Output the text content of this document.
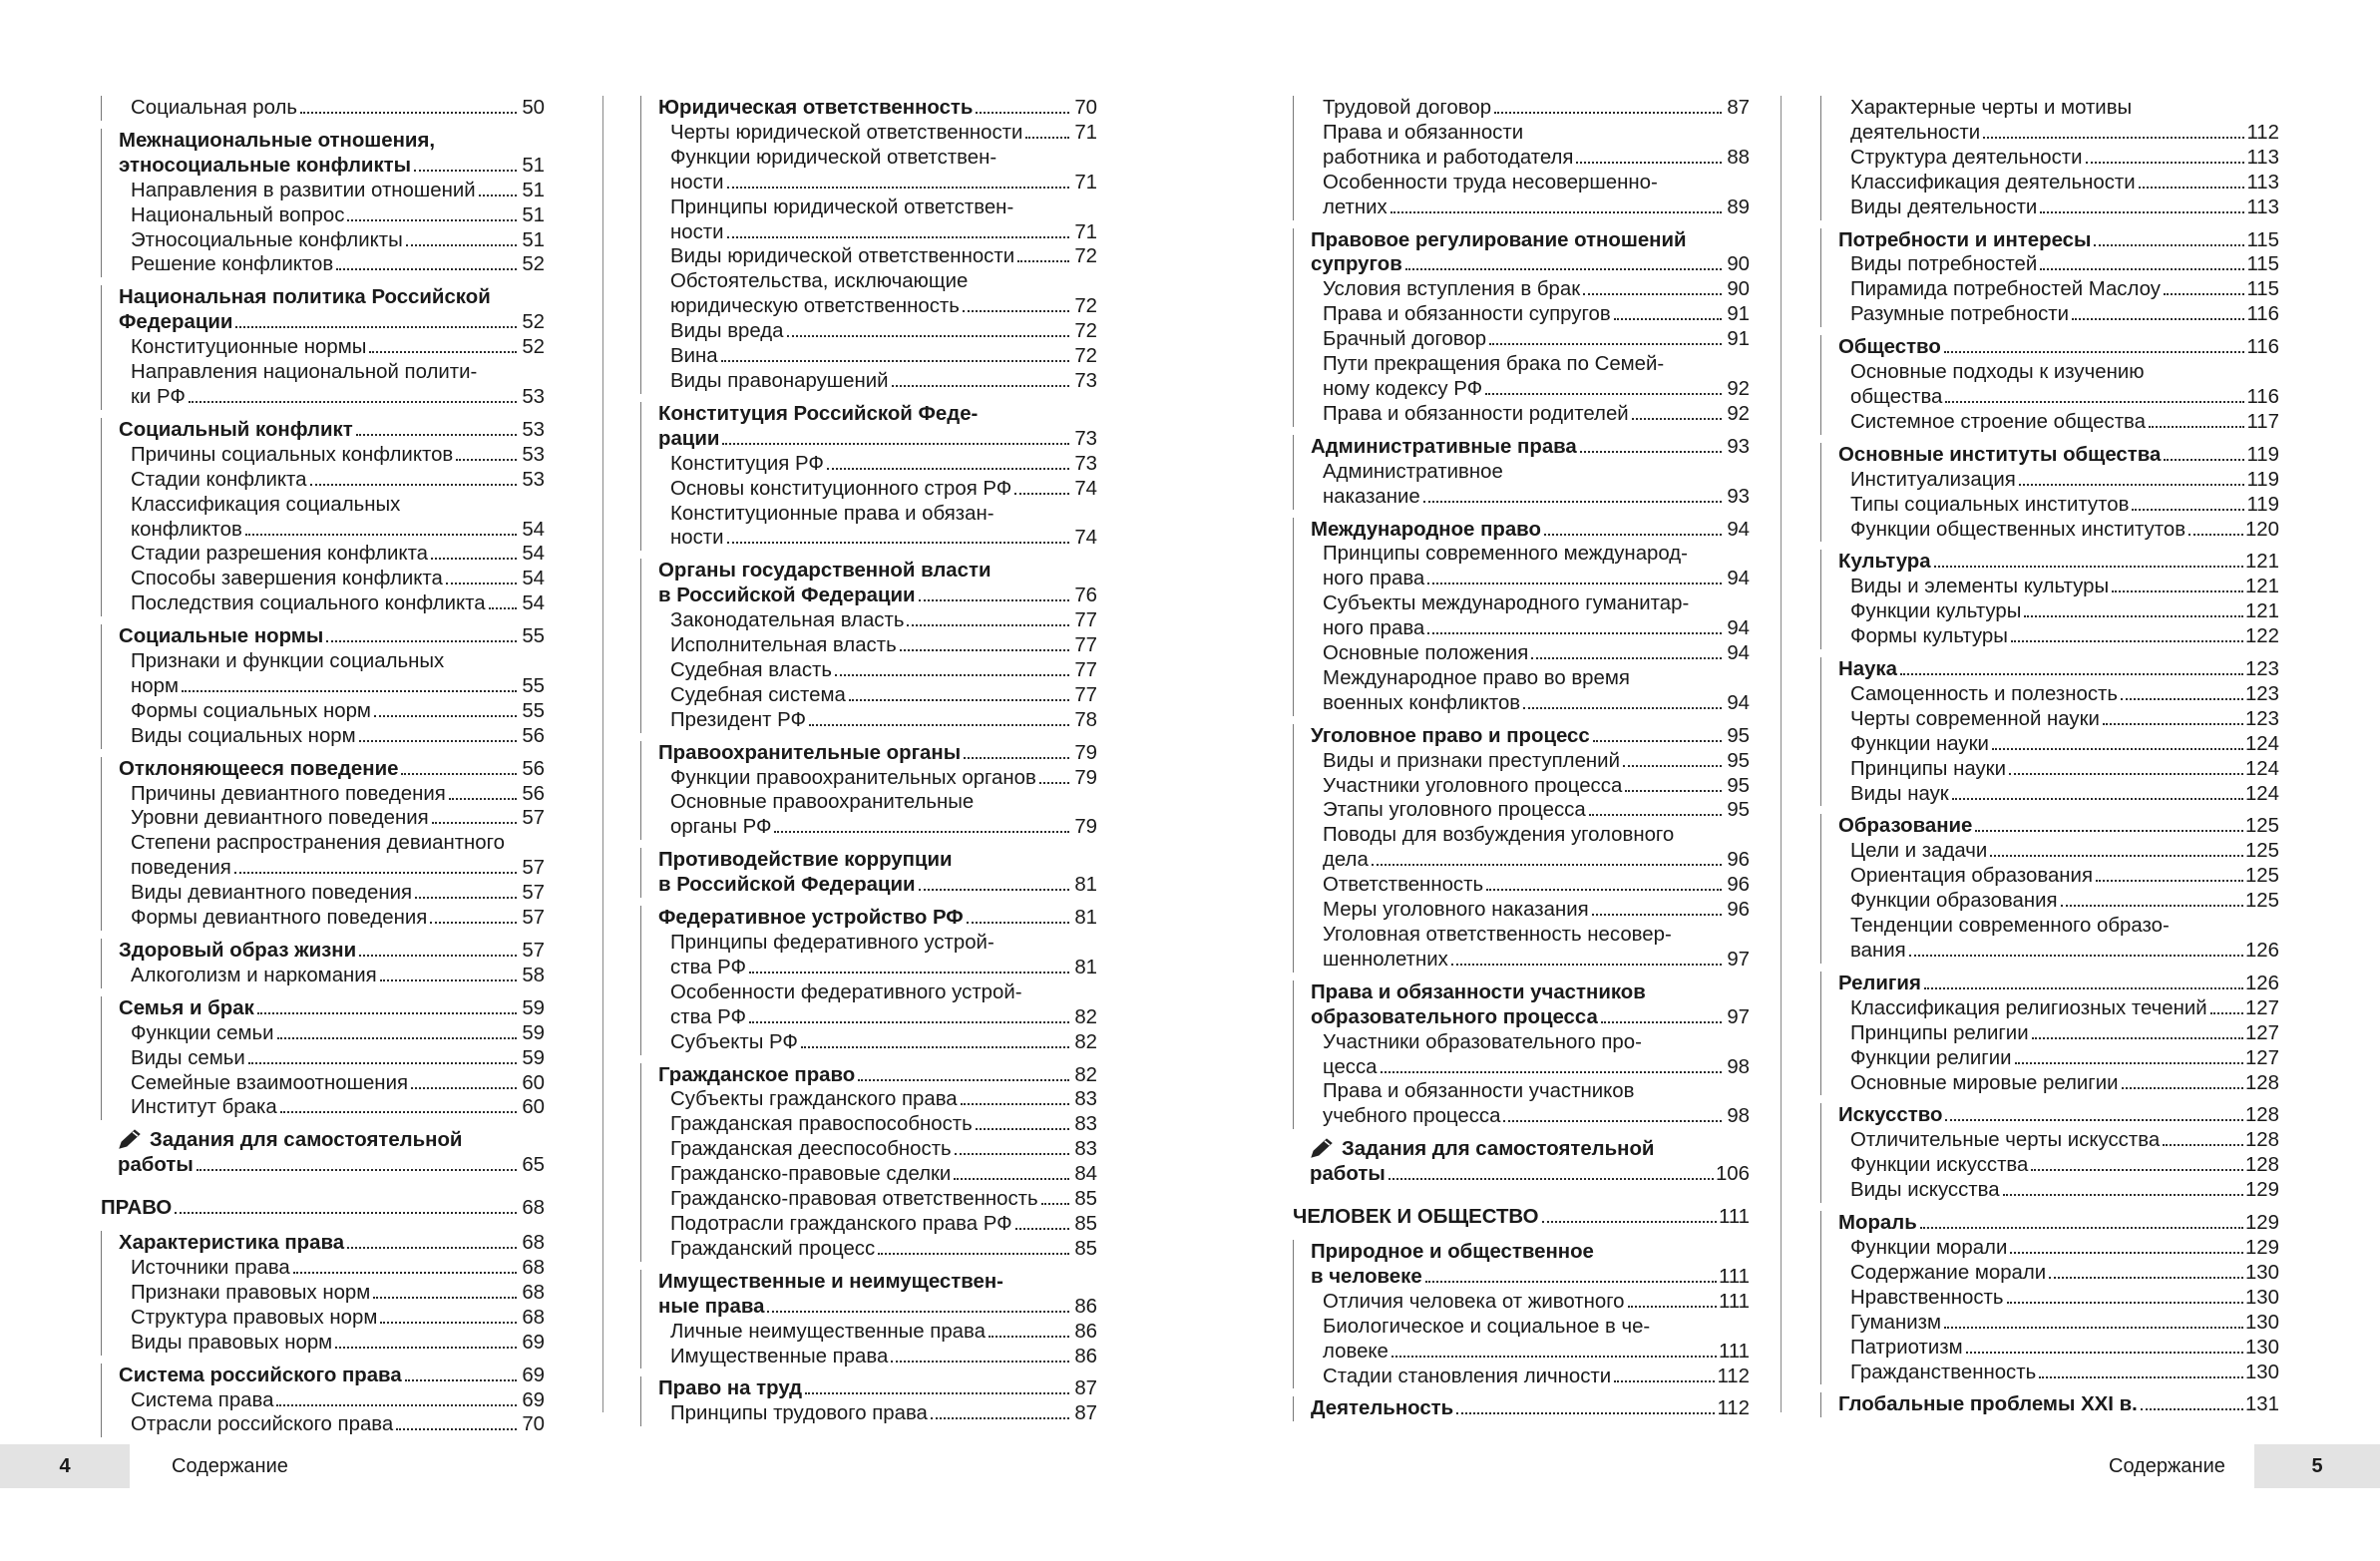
Социальная роль	50
Межнациональные отношения,
этносоциальные конфликты	51
Направления в развитии отношений 51
Национальный вопрос	51
Этносоциальные конфликты	51
Решение конфликтов	52
Национальная политика Российской
Федерации	52
Конституционные нормы	52
Направления национальной полити-
ки РФ	53
Социальный конфликт	53
Причины социальных конфликтов	53
Стадии конфликта	53
Классификация социальных
конфликтов	54
Стадии разрешения конфликта	54
Способы завершения конфликта	54
Последствия социального конфликта 54
Социальные нормы	55
Признаки и функции социальных
норм	55
Формы социальных норм	55
Виды социальных норм	56
Отклоняющееся поведение	56
Причины девиантного поведения	56
Уровни девиантного поведения	57
Степени распространения девиантного
поведения	57
Виды девиантного поведения	57
Формы девиантного поведения	57
Здоровый образ жизни	57
Алкоголизм и наркомания	58
Семья и брак	59
Функции семьи	59
Виды семьи	59
Семейные взаимоотношения	60
Институт брака	60
Задания для самостоятельной
работы	65
ПРАВО	68
Характеристика права	68
Источники права	68
Признаки правовых норм	68
Структура правовых норм	68
Виды правовых норм	69
Система российского права	69
Система права	69
Отрасли российского права	70
Юридическая ответственность	70
Черты юридической ответственности	71
Функции юридической ответствен-
ности	71
Принципы юридической ответствен-
ности	71
Виды юридической ответственности	72
Обстоятельства, исключающие
юридическую ответственность	72
Виды вреда	72
Вина	72
Виды правонарушений	73
Конституция Российской Феде-
рации	73
Конституция РФ	73
Основы конституционного строя РФ	74
Конституционные права и обязан-
ности	74
Органы государственной власти
в Российской Федерации	76
Законодательная власть	77
Исполнительная власть	77
Судебная власть	77
Судебная система	77
Президент РФ	78
Правоохранительные органы	79
Функции правоохранительных органов 79
Основные правоохранительные
органы РФ	79
Противодействие коррупции
в Российской Федерации	81
Федеративное устройство РФ	81
Принципы федеративного устрой-
ства РФ	81
Особенности федеративного устрой-
ства РФ	82
Субъекты РФ	82
Гражданское право	82
Субъекты гражданского права	83
Гражданская правоспособность	83
Гражданская дееспособность	83
Гражданско-правовые сделки	84
Гражданско-правовая ответственность 85
Подотрасли гражданского права РФ	85
Гражданский процесс	85
Имущественные и неимуществен-
ные права	86
Личные неимущественные права	86
Имущественные права	86
Право на труд	87
Принципы трудового права	87
Трудовой договор	87
Права и обязанности
работника и работодателя	88
Особенности труда несовершенно-
летних	89
Правовое регулирование отношений
супругов	90
Условия вступления в брак	90
Права и обязанности супругов	91
Брачный договор	91
Пути прекращения брака по Семей-
ному кодексу РФ	92
Права и обязанности родителей	92
Административные права	93
Административное
наказание	93
Международное право	94
Принципы современного международ-
ного права	94
Субъекты международного гуманитар-
ного права	94
Основные положения	94
Международное право во время
военных конфликтов	94
Уголовное право и процесс	95
Виды и признаки преступлений	95
Участники уголовного процесса	95
Этапы уголовного процесса	95
Поводы для возбуждения уголовного
дела	96
Ответственность	96
Меры уголовного наказания	96
Уголовная ответственность несовер-
шеннолетних	97
Права и обязанности участников
образовательного процесса	97
Участники образовательного про-
цесса	98
Права и обязанности участников
учебного процесса	98
Задания для самостоятельной
работы	106
ЧЕЛОВЕК И ОБЩЕСТВО	111
Природное и общественное
в человеке	111
Отличия человека от животного	111
Биологическое и социальное в че-
ловеке	111
Стадии становления личности	112
Деятельность	112
Характерные черты и мотивы
деятельности	112
Структура деятельности	113
Классификация деятельности	113
Виды деятельности	113
Потребности и интересы	115
Виды потребностей	115
Пирамида потребностей Маслоу	115
Разумные потребности	116
Общество	116
Основные подходы к изучению
общества	116
Системное строение общества	117
Основные институты общества	119
Институализация	119
Типы социальных институтов	119
Функции общественных институтов	120
Культура	121
Виды и элементы культуры	121
Функции культуры	121
Формы культуры	122
Наука	123
Самоценность и полезность	123
Черты современной науки	123
Функции науки	124
Принципы науки	124
Виды наук	124
Образование	125
Цели и задачи	125
Ориентация образования	125
Функции образования	125
Тенденции современного образо-
вания	126
Религия	126
Классификация религиозных течений 127
Принципы религии	127
Функции религии	127
Основные мировые религии	128
Искусство	128
Отличительные черты искусства	128
Функции искусства	128
Виды искусства	129
Мораль	129
Функции морали	129
Содержание морали	130
Нравственность	130
Гуманизм	130
Патриотизм	130
Гражданственность	130
Глобальные проблемы XXI в.	131
4	Содержание	Содержание	5
